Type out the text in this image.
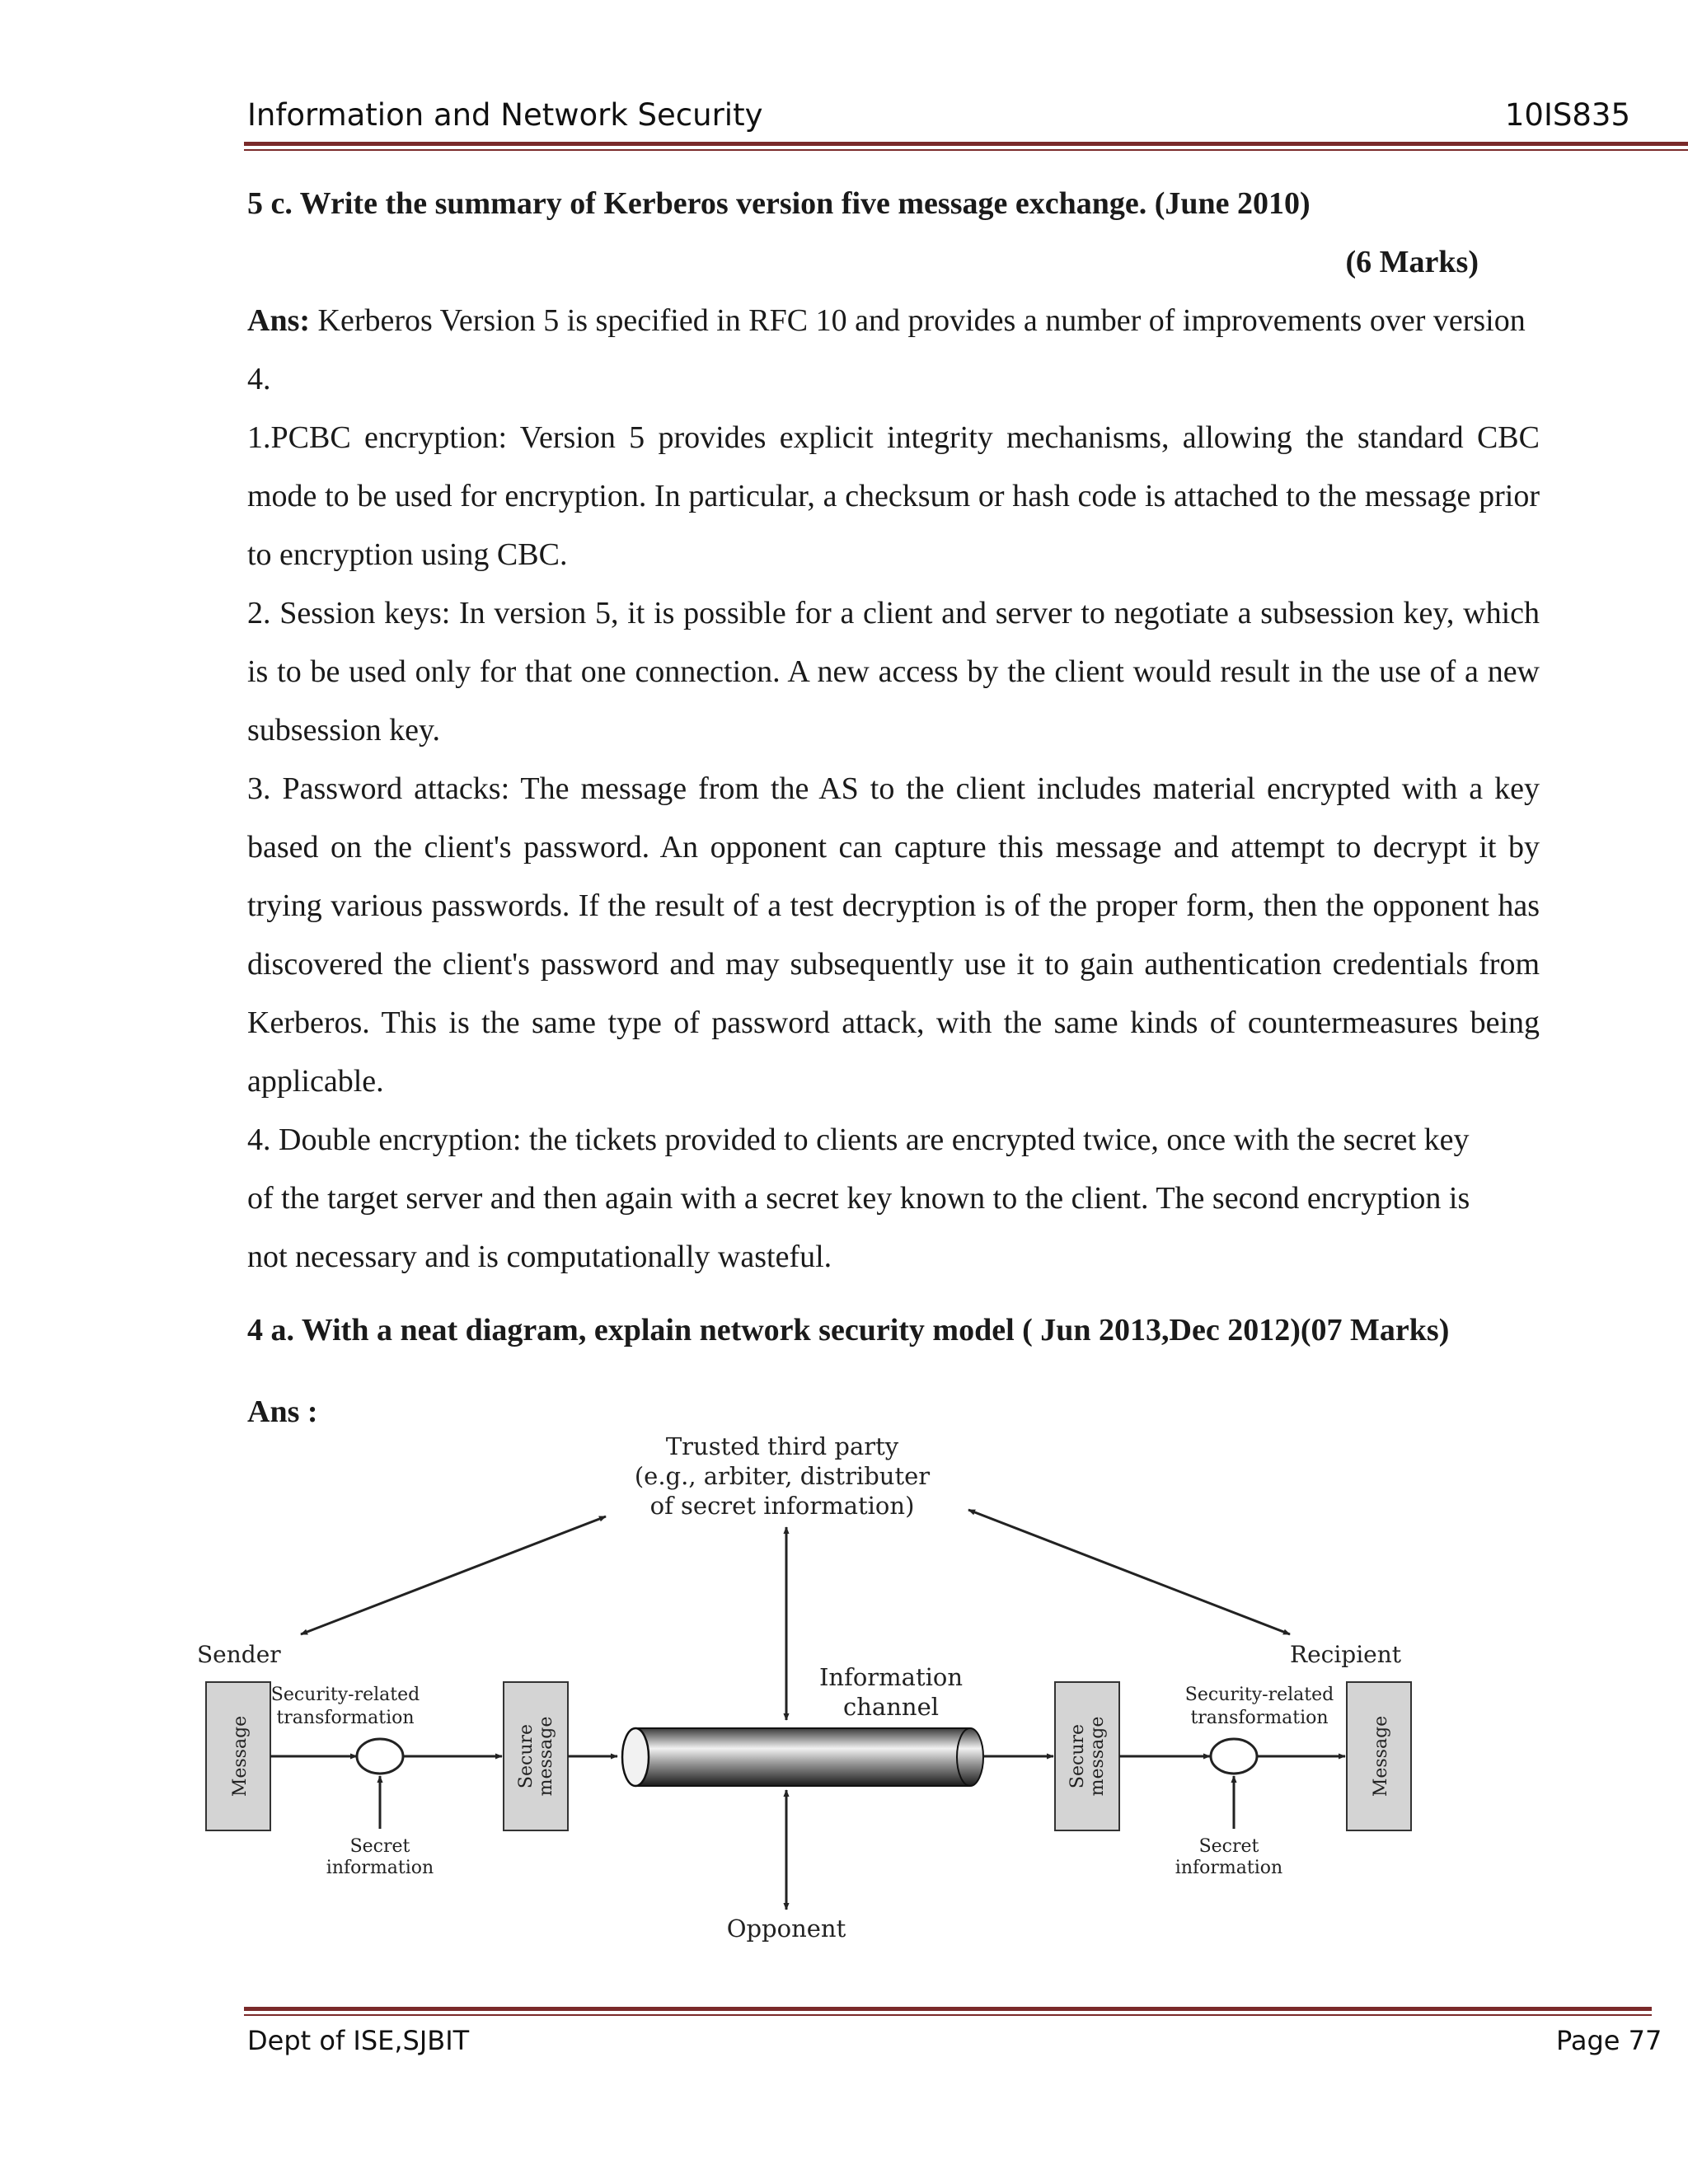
Information and Network Security	10IS835

5 c. Write the summary of Kerberos version five message exchange. (June 2010)

(6 Marks)

Ans: Kerberos Version 5 is specified in RFC 10 and provides a number of improvements over version 4.

1.PCBC encryption: Version 5 provides explicit integrity mechanisms, allowing the standard CBC mode to be used for encryption. In particular, a checksum or hash code is attached to the message prior to encryption using CBC.

2. Session keys: In version 5, it is possible for a client and server to negotiate a subsession key, which is to be used only for that one connection. A new access by the client would result in the use of a new subsession key.

3. Password attacks: The message from the AS to the client includes material encrypted with a key based on the client's password. An opponent can capture this message and attempt to decrypt it by trying various passwords. If the result of a test decryption is of the proper form, then the opponent has discovered the client's password and may subsequently use it to gain authentication credentials from Kerberos. This is the same type of password attack, with the same kinds of countermeasures being applicable.

4. Double encryption: the tickets provided to clients are encrypted twice, once with the secret key of the target server and then again with a secret key known to the client. The second encryption is not necessary and is computationally wasteful.

4 a. With a neat diagram, explain network security model ( Jun 2013,Dec 2012)(07 Marks)

Ans :

Trusted third party
(e.g., arbiter, distributer
of secret information)
Sender	Recipient
Message
Security-related
transformation
Secret
information
Secure message
Information
channel
Secure message
Security-related
transformation
Secret
information
Message
Opponent
Dept of ISE,SJBIT	Page 77
